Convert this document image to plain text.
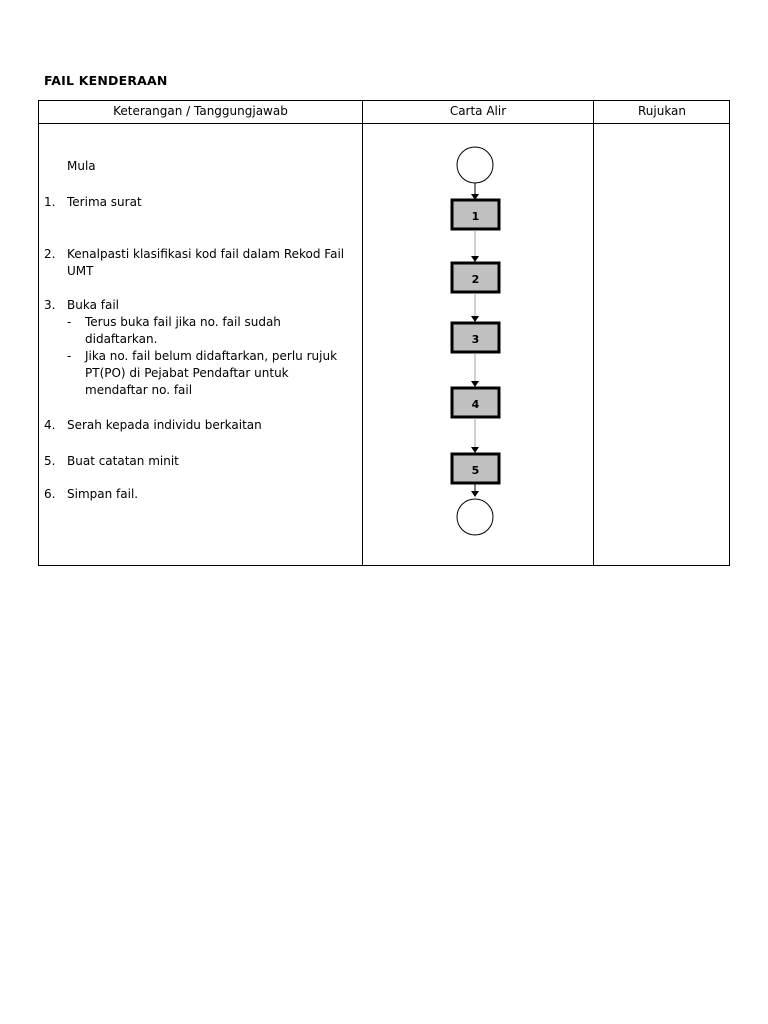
FAIL KENDERAAN
Keterangan / Tanggungjawab	Carta Alir	Rujukan
Mula
1. Terima surat
2. Kenalpasti klasifikasi kod fail dalam Rekod Fail
UMT
3. Buka fail
- Terus buka fail jika no. fail sudah
didaftarkan.
- Jika no. fail belum didaftarkan, perlu rujuk
PT(PO) di Pejabat Pendaftar untuk
mendaftar no. fail
4. Serah kepada individu berkaitan
5. Buat catatan minit
6. Simpan fail.
1
2
3
4
5
